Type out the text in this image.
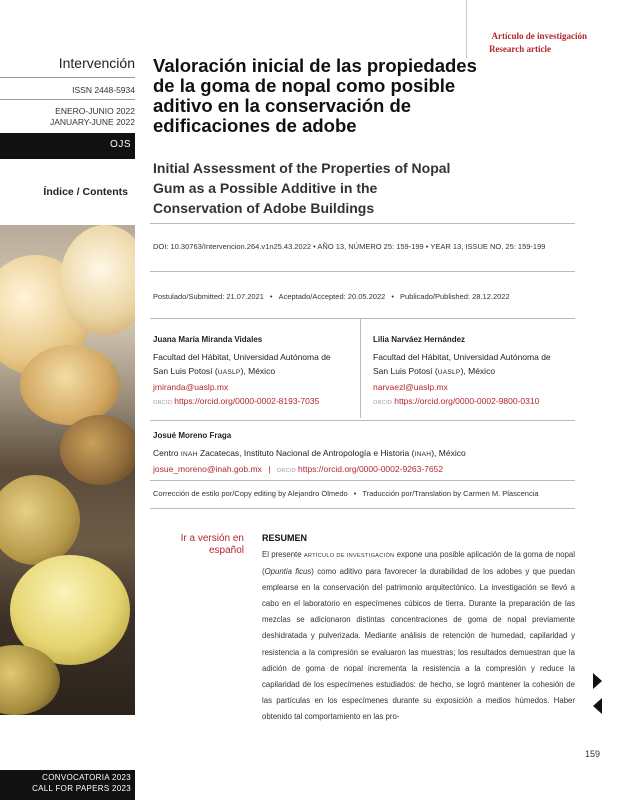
Intervención
ISSN 2448-5934
ENERO-JUNIO 2022
JANUARY-JUNE 2022
OJS
Índice / Contents
CONVOCATORIA 2023
CALL FOR PAPERS 2023
Artículo de investigación
Research article
Valoración inicial de las propiedades de la goma de nopal como posible aditivo en la conservación de edificaciones de adobe
Initial Assessment of the Properties of Nopal Gum as a Possible Additive in the Conservation of Adobe Buildings
DOI: 10.30763/Intervencion.264.v1n25.43.2022 • AÑO 13, NÚMERO 25: 159-199 • YEAR 13, ISSUE NO. 25: 159-199
Postulado/Submitted: 21.07.2021 • Aceptado/Accepted: 20.05.2022 • Publicado/Published: 28.12.2022
Juana María Miranda Vidales
Facultad del Hábitat, Universidad Autónoma de
San Luis Potosí (UASLP), México
jmiranda@uaslp.mx
ORCID https://orcid.org/0000-0002-8193-7035
Lilia Narváez Hernández
Facultad del Hábitat, Universidad Autónoma de
San Luis Potosí (UASLP), México
narvaezl@uaslp.mx
ORCID https://orcid.org/0000-0002-9800-0310
Josué Moreno Fraga
Centro INAH Zacatecas, Instituto Nacional de Antropología e Historia (INAH), México
josue_moreno@inah.gob.mx | ORCID https://orcid.org/0000-0002-9263-7652
Corrección de estilo por/Copy editing by Alejandro Olmedo • Traducción por/Translation by Carmen M. Plascencia
Ir a versión en español
RESUMEN
El presente ARTÍCULO DE INVESTIGACIÓN expone una posible aplicación de la goma de nopal (Opuntia ficus) como aditivo para favorecer la durabilidad de los adobes y que puedan emplearse en la conservación del patrimonio arquitectónico. La investigación se llevó a cabo en el laboratorio en especímenes cúbicos de tierra. Durante la preparación de las mezclas se adicionaron distintas concentraciones de goma de nopal previamente deshidratada y pulverizada. Mediante análisis de retención de humedad, capilaridad y resistencia a la compresión se evaluaron las muestras; los resultados demuestran que la adición de goma de nopal incrementa la resistencia a la compresión y reduce la capilaridad de los especímenes estudiados: de hecho, se logró mantener la cohesión de las partículas en los especímenes durante su exposición a medios húmedos. Haber obtenido tal comportamiento en las pro-
159
